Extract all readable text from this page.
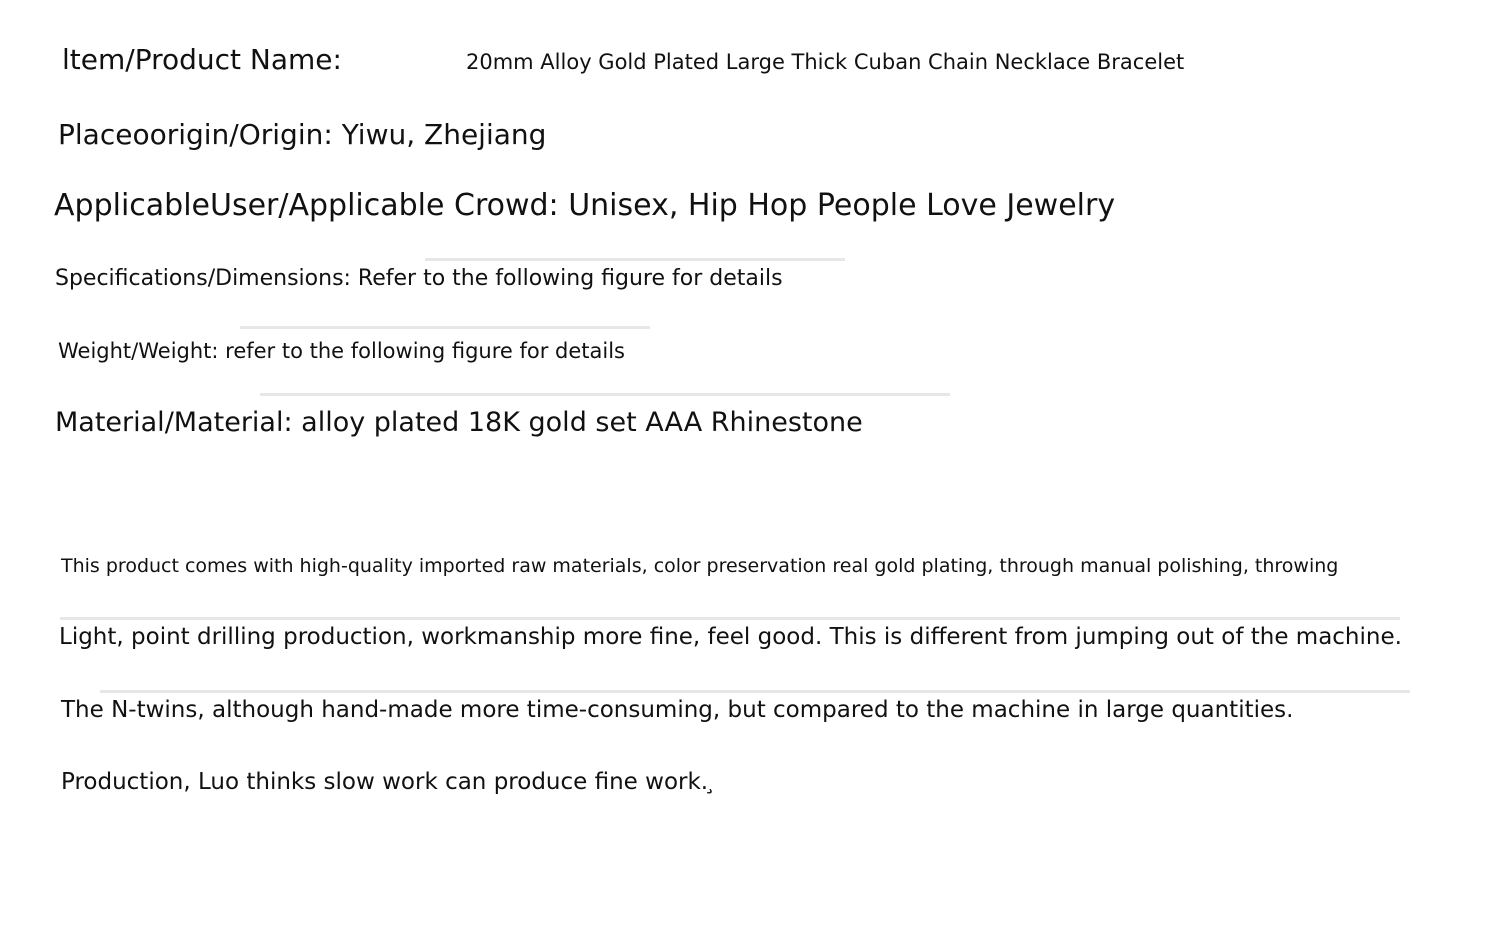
ltem/Product Name:	20mm Alloy Gold Plated Large Thick Cuban Chain Necklace Bracelet

Placeoorigin/Origin: Yiwu, Zhejiang

ApplicableUser/Applicable Crowd: Unisex, Hip Hop People Love Jewelry

Specifications/Dimensions: Refer to the following figure for details

Weight/Weight: refer to the following figure for details

Material/Material: alloy plated 18K gold set AAA Rhinestone

This product comes with high-quality imported raw materials, color preservation real gold plating, through manual polishing, throwing

Light, point drilling production, workmanship more fine, feel good. This is different from jumping out of the machine.

The N-twins, although hand-made more time-consuming, but compared to the machine in large quantities.

Production, Luo thinks slow work can produce fine work. ̧
